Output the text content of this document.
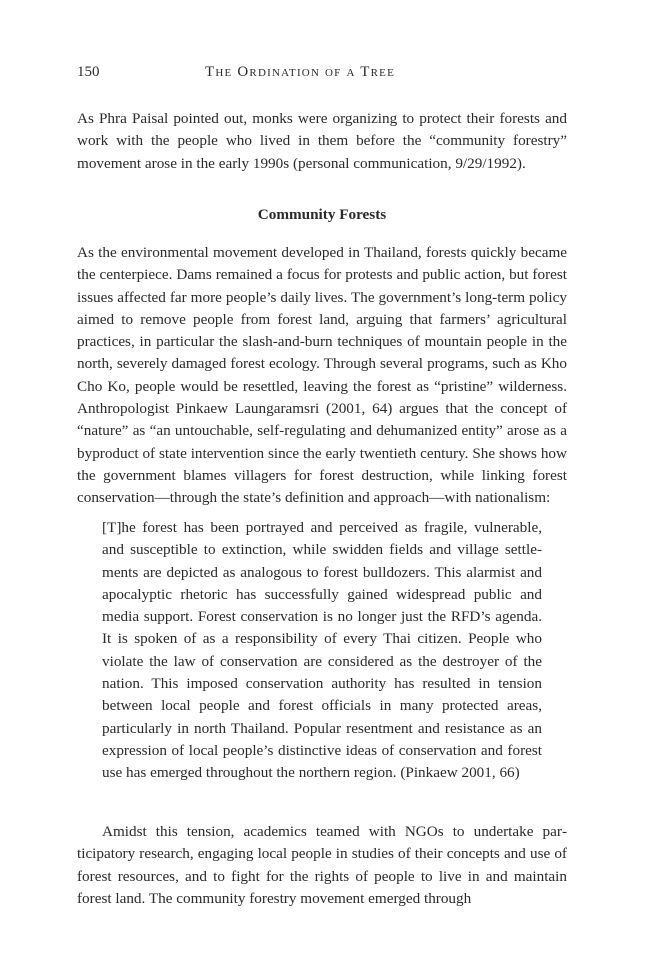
150	The Ordination of a Tree

As Phra Paisal pointed out, monks were organizing to protect their forests and work with the people who lived in them before the “community forestry” movement arose in the early 1990s (personal communication, 9/29/1992).

Community Forests

As the environmental movement developed in Thailand, forests quickly became the centerpiece. Dams remained a focus for protests and public action, but forest issues affected far more people’s daily lives. The government’s long-term policy aimed to remove people from forest land, arguing that farmers’ agricultural practices, in particular the slash-and-burn techniques of mountain people in the north, severely damaged forest ecology. Through several programs, such as Kho Cho Ko, people would be resettled, leaving the forest as “pristine” wilderness. Anthropologist Pinkaew Laungaramsri (2001, 64) argues that the concept of “nature” as “an untouchable, self-regulating and dehumanized entity” arose as a byproduct of state intervention since the early twentieth century. She shows how the government blames villagers for forest destruction, while linking forest conservation—through the state’s definition and approach—with nationalism:

[T]he forest has been portrayed and perceived as fragile, vulnerable, and susceptible to extinction, while swidden fields and village settlements are depicted as analogous to forest bulldozers. This alarmist and apocalyptic rhetoric has successfully gained widespread public and media support. Forest conservation is no longer just the RFD’s agenda. It is spoken of as a responsibility of every Thai citizen. People who violate the law of conservation are considered as the destroyer of the nation. This imposed conservation authority has resulted in tension between local people and forest officials in many protected areas, particularly in north Thailand. Popular resentment and resistance as an expression of local people’s distinctive ideas of conservation and forest use has emerged throughout the northern region. (Pinkaew 2001, 66)

Amidst this tension, academics teamed with NGOs to undertake participatory research, engaging local people in studies of their concepts and use of forest resources, and to fight for the rights of people to live in and maintain forest land. The community forestry movement emerged through
